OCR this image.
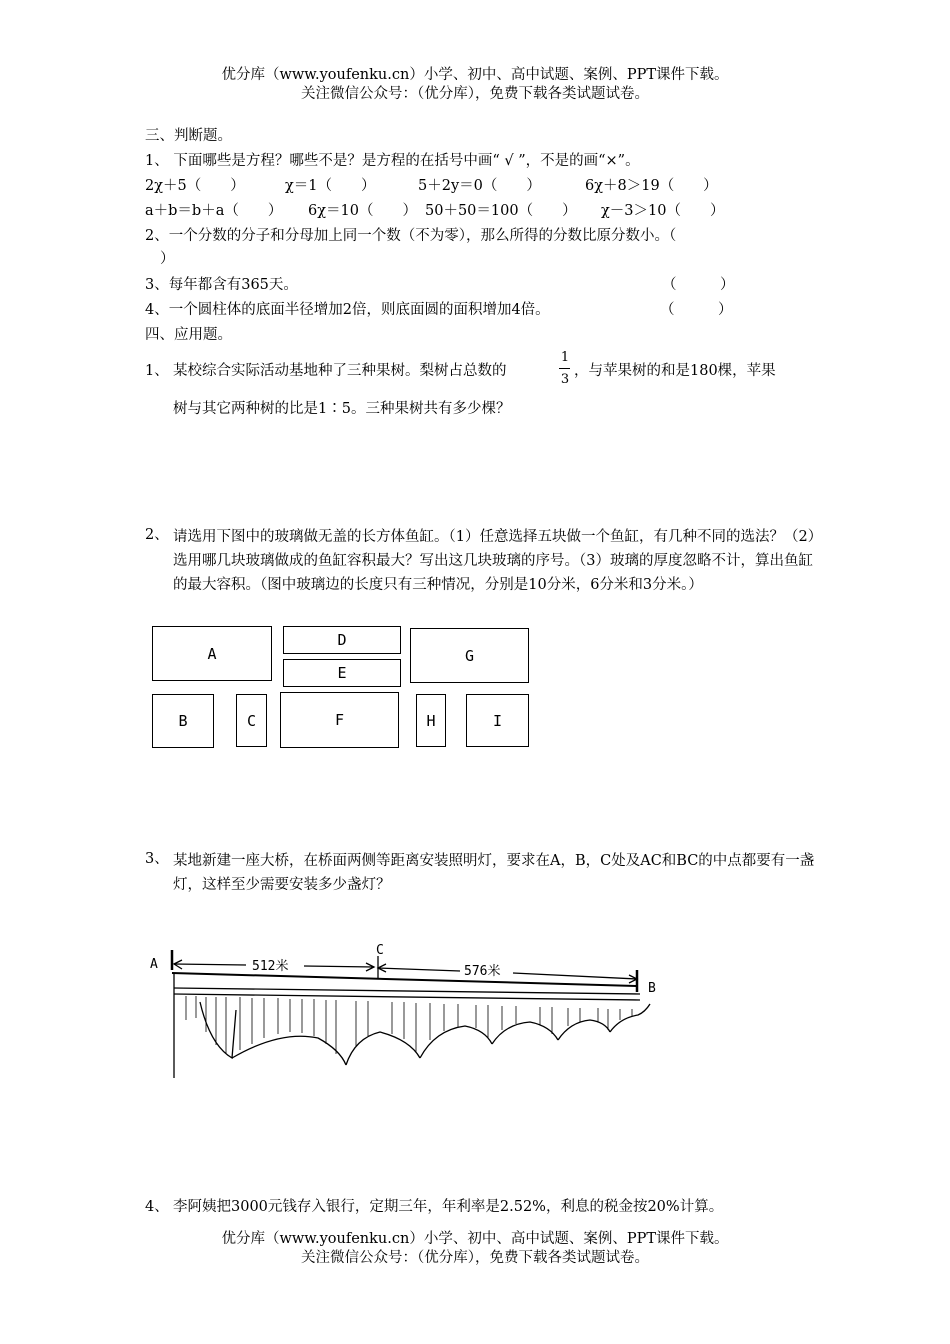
优分库（www.youfenku.cn）小学、初中、高中试题、案例、PPT课件下载。
关注微信公众号：（优分库），免费下载各类试题试卷。
三、判断题。
1、 下面哪些是方程？哪些不是？是方程的在括号中画“ √ ”，不是的画“×”。
2χ＋5（　　）	χ＝1（　　）	5＋2y＝0（　　）	6χ＋8＞19（　　）
a＋b＝b＋a（　　） 6χ＝10（　　） 50＋50＝100（　　） χ－3＞10（　　）
2、一个分数的分子和分母加上同一个数（不为零），那么所得的分数比原分数小。（
）
3、每年都含有365天。	（　　　）
4、一个圆柱体的底面半径增加2倍，则底面圆的面积增加4倍。	（　　　）
四、应用题。
1、 某校综合实际活动基地种了三种果树。梨树占总数的
1
3
，与苹果树的和是180棵，苹果
树与其它两种树的比是1∶5。三种果树共有多少棵？
2、 请选用下图中的玻璃做无盖的长方体鱼缸。（1）任意选择五块做一个鱼缸，有几种不同的选法？（2）选用哪几块玻璃做成的鱼缸容积最大？写出这几块玻璃的序号。（3）玻璃的厚度忽略不计，算出鱼缸的最大容积。（图中玻璃边的长度只有三种情况，分别是10分米，6分米和3分米。）
A
D
E
G
B	C	F	H	I
3、 某地新建一座大桥，在桥面两侧等距离安装照明灯，要求在A，B，C处及AC和BC的中点都要有一盏灯，这样至少需要安装多少盏灯？
A
C
B
512米	576米
4、 李阿姨把3000元钱存入银行，定期三年，年利率是2.52%，利息的税金按20%计算。
优分库（www.youfenku.cn）小学、初中、高中试题、案例、PPT课件下载。
关注微信公众号：（优分库），免费下载各类试题试卷。
